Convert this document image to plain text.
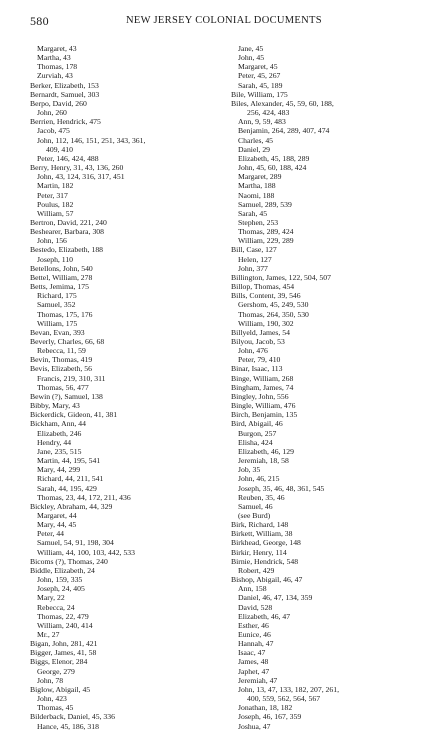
580	NEW JERSEY COLONIAL DOCUMENTS
Margaret, 43
Martha, 43
Thomas, 178
Zurviah, 43
Berker, Elizabeth, 153
Bernardt, Samuel, 303
Berpo, David, 260
John, 260
Berrien, Hendrick, 475
Jacob, 475
John, 112, 146, 151, 251, 343, 361,
409, 410
Peter, 146, 424, 488
Berry, Henry, 31, 43, 136, 260
John, 43, 124, 316, 317, 451
Martin, 182
Peter, 317
Poulus, 182
William, 57
Bertron, David, 221, 240
Beshearer, Barbara, 308
John, 156
Bestedo, Elizabeth, 188
Joseph, 110
Betellons, John, 540
Bettel, William, 278
Betts, Jemima, 175
Richard, 175
Samuel, 352
Thomas, 175, 176
William, 175
Bevan, Evan, 393
Beverly, Charles, 66, 68
Rebecca, 11, 59
Bevin, Thomas, 419
Bevis, Elizabeth, 56
Francis, 219, 310, 311
Thomas, 56, 477
Bewin (?), Samuel, 138
Bibby, Mary, 43
Bickerdick, Gideon, 41, 381
Bickham, Ann, 44
Elizabeth, 246
Hendry, 44
Jane, 235, 515
Martin, 44, 195, 541
Mary, 44, 299
Richard, 44, 211, 541
Sarah, 44, 195, 429
Thomas, 23, 44, 172, 211, 436
Bickley, Abraham, 44, 329
Margaret, 44
Mary, 44, 45
Peter, 44
Samuel, 54, 91, 198, 304
William, 44, 100, 103, 442, 533
Bicoms (?), Thomas, 240
Biddle, Elizabeth, 24
John, 159, 335
Joseph, 24, 405
Mary, 22
Rebecca, 24
Thomas, 22, 479
William, 240, 414
Mr., 27
Bigan, John, 281, 421
Bigger, James, 41, 58
Biggs, Elenor, 284
George, 279
John, 78
Biglow, Abigail, 45
John, 423
Thomas, 45
Bilderback, Daniel, 45, 336
Hance, 45, 186, 318
Jane, 45
John, 45
Margaret, 45
Peter, 45, 267
Sarah, 45, 189
Bile, William, 175
Biles, Alexander, 45, 59, 60, 188,
256, 424, 483
Ann, 9, 59, 483
Benjamin, 264, 289, 407, 474
Charles, 45
Daniel, 29
Elizabeth, 45, 188, 289
John, 45, 60, 188, 424
Margaret, 289
Martha, 188
Naomi, 188
Samuel, 289, 539
Sarah, 45
Stephen, 253
Thomas, 289, 424
William, 229, 289
Bill, Case, 127
Helen, 127
John, 377
Billington, James, 122, 504, 507
Billop, Thomas, 454
Bills, Content, 39, 546
Gershom, 45, 249, 530
Thomas, 264, 350, 530
William, 190, 302
Billyeld, James, 54
Bilyou, Jacob, 53
John, 476
Peter, 79, 410
Binar, Isaac, 113
Binge, William, 268
Bingham, James, 74
Bingley, John, 556
Bingle, William, 476
Birch, Benjamin, 135
Bird, Abigail, 46
Burgon, 257
Elisha, 424
Elizabeth, 46, 129
Jeremiah, 18, 58
Job, 35
John, 46, 215
Joseph, 35, 46, 48, 361, 545
Reuben, 35, 46
Samuel, 46
(see Burd)
Birk, Richard, 148
Birkett, William, 38
Birkhead, George, 148
Birkir, Henry, 114
Birnie, Hendrick, 548
Robert, 429
Bishop, Abigail, 46, 47
Ann, 158
Daniel, 46, 47, 134, 359
David, 528
Elizabeth, 46, 47
Esther, 46
Eunice, 46
Hannah, 47
Isaac, 47
James, 48
Japhet, 47
Jeremiah, 47
John, 13, 47, 133, 182, 207, 261,
400, 559, 562, 564, 567
Jonathan, 18, 182
Joseph, 46, 167, 359
Joshua, 47
